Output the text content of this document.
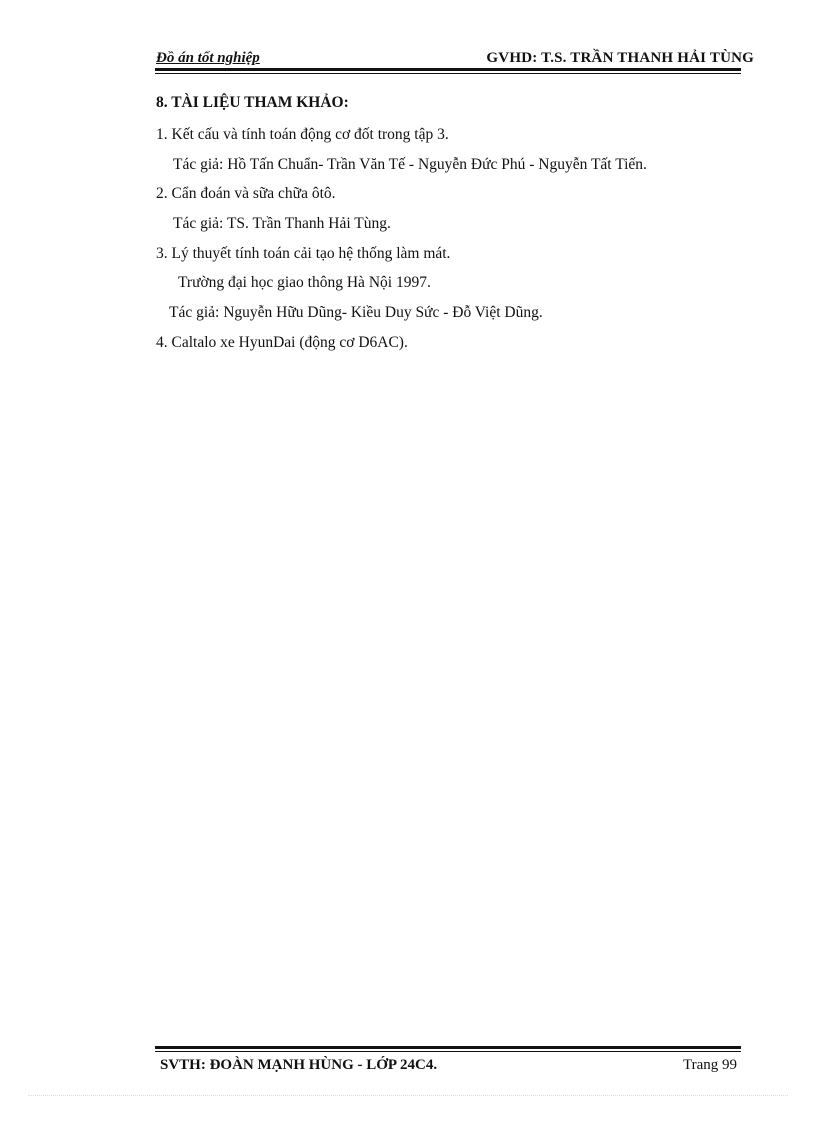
Đồ án tốt nghiệp	GVHD: T.S. TRẦN THANH HẢI TÙNG
8. TÀI LIỆU THAM KHẢO:
1. Kết cấu và tính toán động cơ đốt trong tập 3.
Tác giả: Hồ Tấn Chuẩn- Trần Văn Tế - Nguyễn Đức Phú - Nguyễn Tất Tiến.
2. Cẩn đoán và sữa chữa ôtô.
Tác giả: TS. Trần Thanh Hải Tùng.
3. Lý thuyết tính toán cải tạo hệ thống làm mát.
Trường đại học giao thông Hà Nội 1997.
Tác giả: Nguyễn Hữu Dũng- Kiều Duy Sức - Đỗ Việt Dũng.
4. Caltalo xe HyunDai (động cơ D6AC).
SVTH: ĐOÀN MẠNH HÙNG - LỚP 24C4.	Trang 99
